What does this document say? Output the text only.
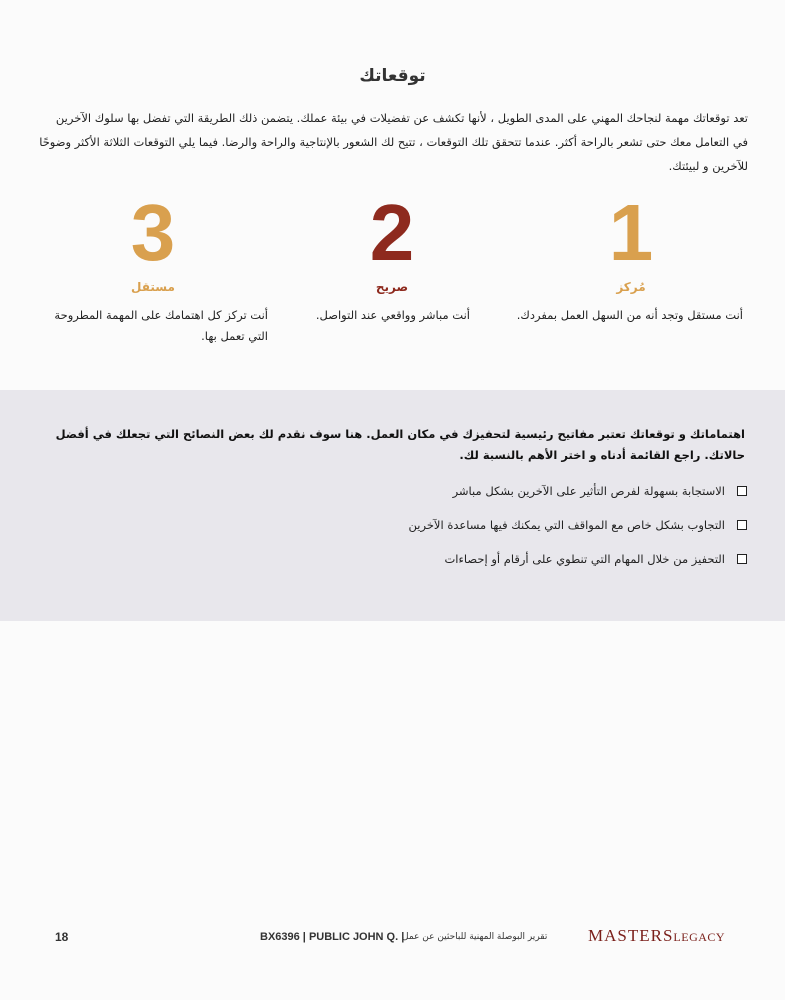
توقعاتك
تعد توقعاتك مهمة لنجاحك المهني على المدى الطويل ، لأنها تكشف عن تفضيلات في بيئة عملك. يتضمن ذلك الطريقة التي تفضل بها سلوك الآخرين في التعامل معك حتى تشعر بالراحة أكثر. عندما تتحقق تلك التوقعات ، تتيح لك الشعور بالإنتاجية والراحة والرضا. فيما يلي التوقعات الثلاثة الأكثر وضوحًا للآخرين و لبيئتك.
1
مُركز
أنت مستقل وتجد أنه من السهل العمل بمفردك.
2
صريح
أنت مباشر وواقعي عند التواصل.
3
مستقل
أنت تركز كل اهتمامك على المهمة المطروحة التي تعمل بها.
اهتماماتك و توقعاتك تعتبر مفاتيح رئيسية لتحفيزك في مكان العمل. هنا سوف نقدم لك بعض النصائح التي تجعلك في أفضل حالاتك. راجع القائمة أدناه و اختر الأهم بالنسبة لك.
الاستجابة بسهولة لفرص التأثير على الآخرين بشكل مباشر
التجاوب بشكل خاص مع المواقف التي يمكنك فيها مساعدة الآخرين
التحفيز من خلال المهام التي تنطوي على أرقام أو إحصاءات
18	BX6396 | PUBLIC JOHN Q. |
تقرير البوصلة المهنية للباحثين عن عمل MASTERSLEGACY
